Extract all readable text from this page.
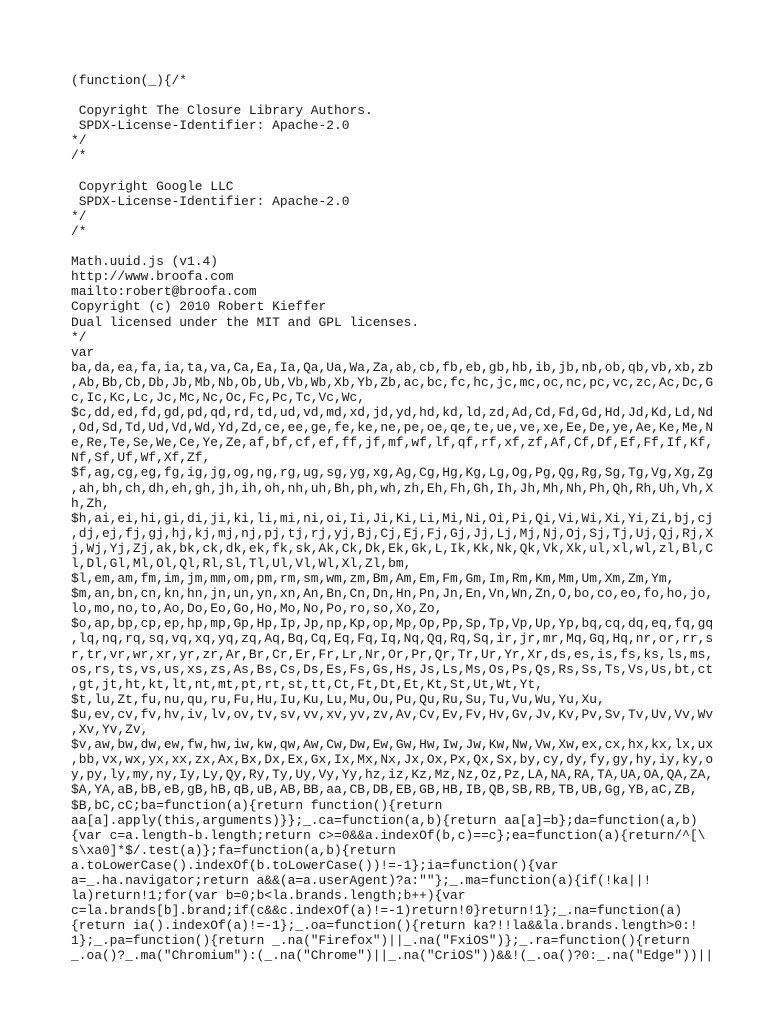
(function(_){/*
Copyright The Closure Library Authors.
SPDX-License-Identifier: Apache-2.0
*/
/*
Copyright Google LLC
SPDX-License-Identifier: Apache-2.0
*/
/*
Math.uuid.js (v1.4)
http://www.broofa.com
mailto:robert@broofa.com
Copyright (c) 2010 Robert Kieffer
Dual licensed under the MIT and GPL licenses.
*/
var
ba,da,ea,fa,ia,ta,va,Ca,Ea,Ia,Qa,Ua,Wa,Za,ab,cb,fb,eb,gb,hb,ib,jb,nb,ob,qb,vb,xb,zb
,Ab,Bb,Cb,Db,Jb,Mb,Nb,Ob,Ub,Vb,Wb,Xb,Yb,Zb,ac,bc,fc,hc,jc,mc,oc,nc,pc,vc,zc,Ac,Dc,G
c,Ic,Kc,Lc,Jc,Mc,Nc,Oc,Fc,Pc,Tc,Vc,Wc,
$c,dd,ed,fd,gd,pd,qd,rd,td,ud,vd,md,xd,jd,yd,hd,kd,ld,zd,Ad,Cd,Fd,Gd,Hd,Jd,Kd,Ld,Nd
,Od,Sd,Td,Ud,Vd,Wd,Yd,Zd,ce,ee,ge,fe,ke,ne,pe,oe,qe,te,ue,ve,xe,Ee,De,ye,Ae,Ke,Me,N
e,Re,Te,Se,We,Ce,Ye,Ze,af,bf,cf,ef,ff,jf,mf,wf,lf,qf,rf,xf,zf,Af,Cf,Df,Ef,Ff,If,Kf,
Nf,Sf,Uf,Wf,Xf,Zf,
$f,ag,cg,eg,fg,ig,jg,og,ng,rg,ug,sg,yg,xg,Ag,Cg,Hg,Kg,Lg,Og,Pg,Qg,Rg,Sg,Tg,Vg,Xg,Zg
,ah,bh,ch,dh,eh,gh,jh,ih,oh,nh,uh,Bh,ph,wh,zh,Eh,Fh,Gh,Ih,Jh,Mh,Nh,Ph,Qh,Rh,Uh,Vh,X
h,Zh,
$h,ai,ei,hi,gi,di,ji,ki,li,mi,ni,oi,Ii,Ji,Ki,Li,Mi,Ni,Oi,Pi,Qi,Vi,Wi,Xi,Yi,Zi,bj,cj
,dj,ej,fj,gj,hj,kj,mj,nj,pj,tj,rj,yj,Bj,Cj,Ej,Fj,Gj,Jj,Lj,Mj,Nj,Oj,Sj,Tj,Uj,Qj,Rj,X
j,Wj,Yj,Zj,ak,bk,ck,dk,ek,fk,sk,Ak,Ck,Dk,Ek,Gk,L,Ik,Kk,Nk,Qk,Vk,Xk,ul,xl,wl,zl,Bl,C
l,Dl,Gl,Ml,Ol,Ql,Rl,Sl,Tl,Ul,Vl,Wl,Xl,Zl,bm,
$l,em,am,fm,im,jm,mm,om,pm,rm,sm,wm,zm,Bm,Am,Em,Fm,Gm,Im,Rm,Km,Mm,Um,Xm,Zm,Ym,
$m,an,bn,cn,kn,hn,jn,un,yn,xn,An,Bn,Cn,Dn,Hn,Pn,Jn,En,Vn,Wn,Zn,O,bo,co,eo,fo,ho,jo,
lo,mo,no,to,Ao,Do,Eo,Go,Ho,Mo,No,Po,ro,so,Xo,Zo,
$o,ap,bp,cp,ep,hp,mp,Gp,Hp,Ip,Jp,np,Kp,op,Mp,Op,Pp,Sp,Tp,Vp,Up,Yp,bq,cq,dq,eq,fq,gq
,lq,nq,rq,sq,vq,xq,yq,zq,Aq,Bq,Cq,Eq,Fq,Iq,Nq,Qq,Rq,Sq,ir,jr,mr,Mq,Gq,Hq,nr,or,rr,s
r,tr,vr,wr,xr,yr,zr,Ar,Br,Cr,Er,Fr,Lr,Nr,Or,Pr,Qr,Tr,Ur,Yr,Xr,ds,es,is,fs,ks,ls,ms,
os,rs,ts,vs,us,xs,zs,As,Bs,Cs,Ds,Es,Fs,Gs,Hs,Js,Ls,Ms,Os,Ps,Qs,Rs,Ss,Ts,Vs,Us,bt,ct
,gt,jt,ht,kt,lt,nt,mt,pt,rt,st,tt,Ct,Ft,Dt,Et,Kt,St,Ut,Wt,Yt,
$t,lu,Zt,fu,nu,qu,ru,Fu,Hu,Iu,Ku,Lu,Mu,Ou,Pu,Qu,Ru,Su,Tu,Vu,Wu,Yu,Xu,
$u,ev,cv,fv,hv,iv,lv,ov,tv,sv,vv,xv,yv,zv,Av,Cv,Ev,Fv,Hv,Gv,Jv,Kv,Pv,Sv,Tv,Uv,Vv,Wv
,Xv,Yv,Zv,
$v,aw,bw,dw,ew,fw,hw,iw,kw,qw,Aw,Cw,Dw,Ew,Gw,Hw,Iw,Jw,Kw,Nw,Vw,Xw,ex,cx,hx,kx,lx,ux
,bb,vx,wx,yx,xx,zx,Ax,Bx,Dx,Ex,Gx,Ix,Mx,Nx,Jx,Ox,Px,Qx,Sx,by,cy,dy,fy,gy,hy,iy,ky,o
y,py,ly,my,ny,Iy,Ly,Qy,Ry,Ty,Uy,Vy,Yy,hz,iz,Kz,Mz,Nz,Oz,Pz,LA,NA,RA,TA,UA,OA,QA,ZA,
$A,YA,aB,bB,eB,gB,hB,qB,uB,AB,BB,aa,CB,DB,EB,GB,HB,IB,QB,SB,RB,TB,UB,Gg,YB,aC,ZB,
$B,bC,cC;ba=function(a){return function(){return
aa[a].apply(this,arguments)}};_.ca=function(a,b){return aa[a]=b};da=function(a,b)
{var c=a.length-b.length;return c>=0&&a.indexOf(b,c)==c};ea=function(a){return/^[\
s\xa0]*$/.test(a)};fa=function(a,b){return
a.toLowerCase().indexOf(b.toLowerCase())!=-1};ia=function(){var
a=_.ha.navigator;return a&&(a=a.userAgent)?a:""};_.ma=function(a){if(!ka||!
la)return!1;for(var b=0;b<la.brands.length;b++){var
c=la.brands[b].brand;if(c&&c.indexOf(a)!=-1)return!0}return!1};_.na=function(a)
{return ia().indexOf(a)!=-1};_.oa=function(){return ka?!!la&&la.brands.length>0:!
1};_.pa=function(){return _.na("Firefox")||_.na("FxiOS")};_.ra=function(){return
_.oa()?_.ma("Chromium"):(_.na("Chrome")||_.na("CriOS"))&&!(_.oa()?0:_.na("Edge"))||
